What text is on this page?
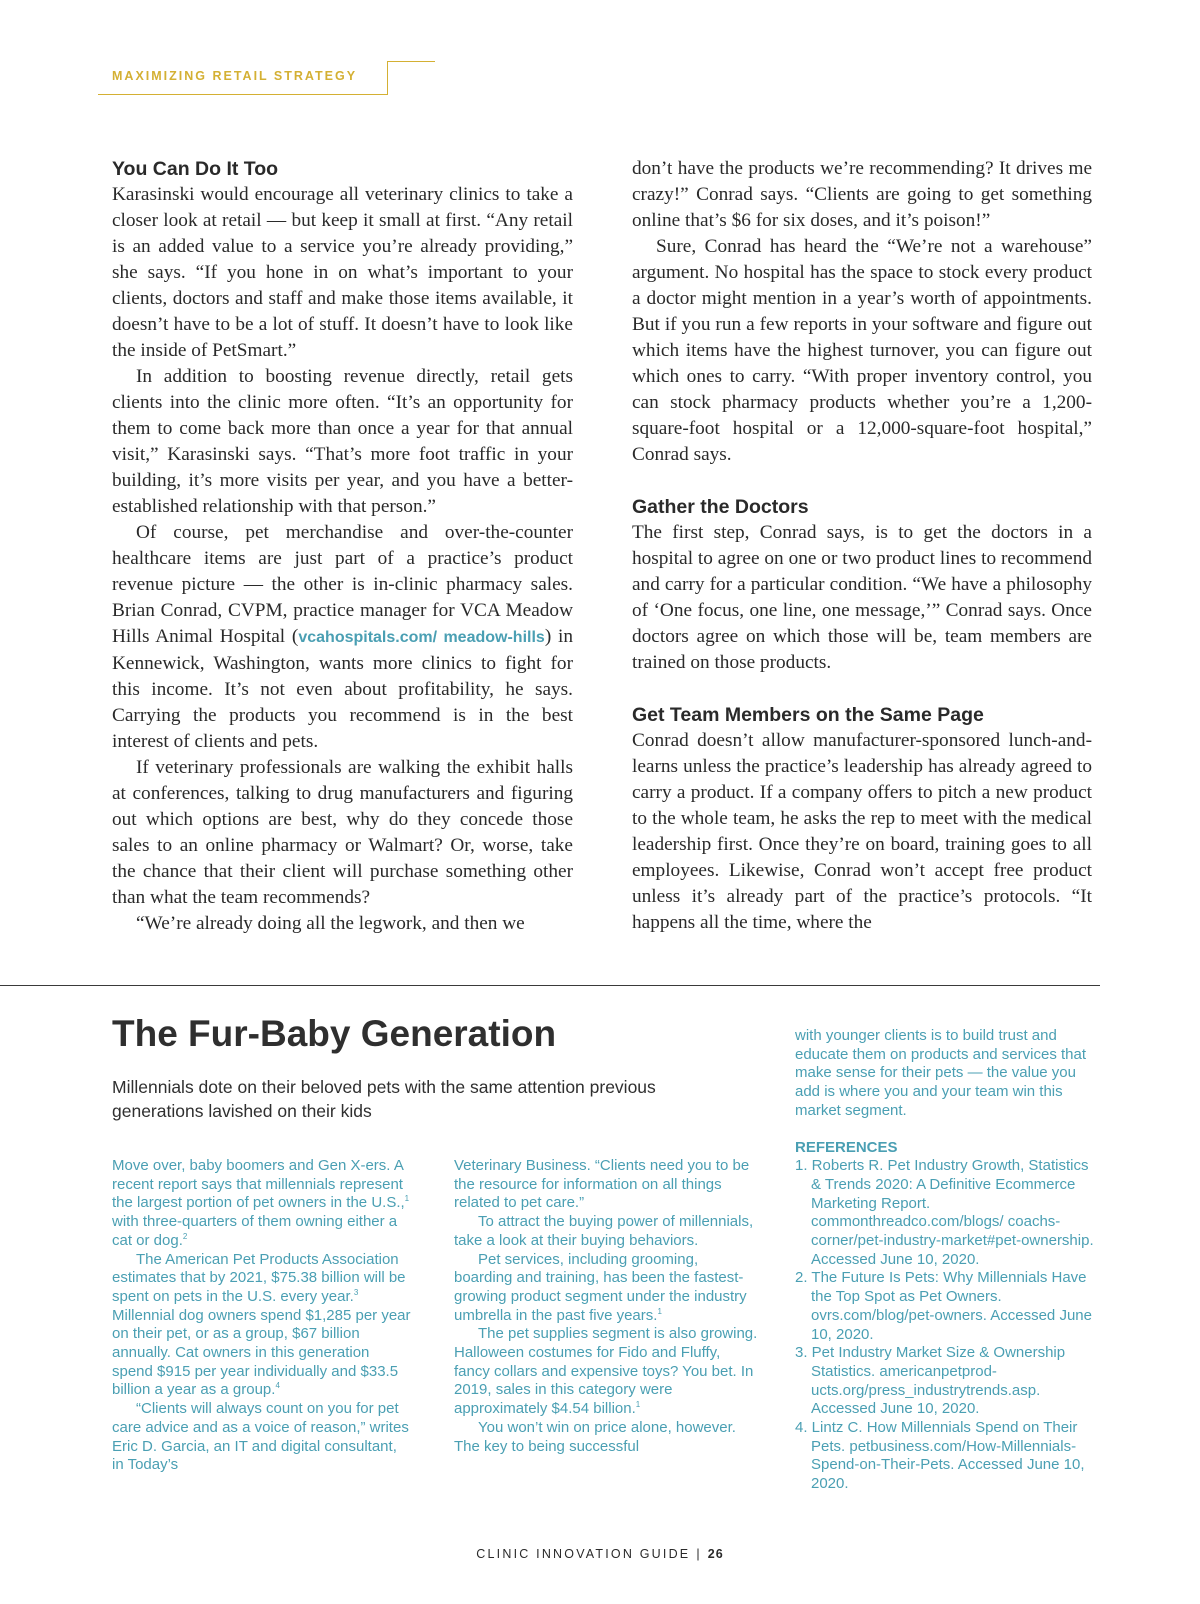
MAXIMIZING RETAIL STRATEGY
You Can Do It Too

Karasinski would encourage all veterinary clinics to take a closer look at retail — but keep it small at first. “Any retail is an added value to a service you’re already providing,” she says. “If you hone in on what’s important to your clients, doctors and staff and make those items available, it doesn’t have to be a lot of stuff. It doesn’t have to look like the inside of PetSmart.”

In addition to boosting revenue directly, retail gets clients into the clinic more often. “It’s an opportunity for them to come back more than once a year for that annual visit,” Karasinski says. “That’s more foot traffic in your building, it’s more visits per year, and you have a better-established relationship with that person.”

Of course, pet merchandise and over-the-counter healthcare items are just part of a practice’s product revenue picture — the other is in-clinic pharmacy sales. Brian Conrad, CVPM, practice manager for VCA Meadow Hills Animal Hospital (vcahospitals.com/ meadow-hills) in Kennewick, Washington, wants more clinics to fight for this income. It’s not even about profitability, he says. Carrying the products you recommend is in the best interest of clients and pets.

If veterinary professionals are walking the exhibit halls at conferences, talking to drug manufacturers and figuring out which options are best, why do they concede those sales to an online pharmacy or Walmart? Or, worse, take the chance that their client will purchase something other than what the team recommends?

“We’re already doing all the legwork, and then we

don’t have the products we’re recommending? It drives me crazy!” Conrad says. “Clients are going to get something online that’s $6 for six doses, and it’s poison!”

Sure, Conrad has heard the “We’re not a warehouse” argument. No hospital has the space to stock every product a doctor might mention in a year’s worth of appointments. But if you run a few reports in your software and figure out which items have the highest turnover, you can figure out which ones to carry. “With proper inventory control, you can stock pharmacy products whether you’re a 1,200-square-foot hospital or a 12,000-square-foot hospital,” Conrad says.

Gather the Doctors

The first step, Conrad says, is to get the doctors in a hospital to agree on one or two product lines to recommend and carry for a particular condition. “We have a philosophy of ‘One focus, one line, one message,’” Conrad says. Once doctors agree on which those will be, team members are trained on those products.

Get Team Members on the Same Page

Conrad doesn’t allow manufacturer-sponsored lunch-and-learns unless the practice’s leadership has already agreed to carry a product. If a company offers to pitch a new product to the whole team, he asks the rep to meet with the medical leadership first. Once they’re on board, training goes to all employees. Likewise, Conrad won’t accept free product unless it’s already part of the practice’s protocols. “It happens all the time, where the

The Fur-Baby Generation
Millennials dote on their beloved pets with the same attention previous generations lavished on their kids

Move over, baby boomers and Gen X-ers. A recent report says that millennials represent the largest portion of pet owners in the U.S.,$^1$ with three-quarters of them owning either a cat or dog.$^2$

The American Pet Products Association estimates that by 2021, $75.38 billion will be spent on pets in the U.S. every year.$^3$ Millennial dog owners spend $1,285 per year on their pet, or as a group, $67 billion annually. Cat owners in this generation spend $915 per year individually and $33.5 billion a year as a group.$^4$

“Clients will always count on you for pet care advice and as a voice of reason,” writes Eric D. Garcia, an IT and digital consultant, in Today’s

Veterinary Business. “Clients need you to be the resource for information on all things related to pet care.”

To attract the buying power of millennials, take a look at their buying behaviors.

Pet services, including grooming, boarding and training, has been the fastest-growing product segment under the industry umbrella in the past five years.$^1$

The pet supplies segment is also growing. Halloween costumes for Fido and Fluffy, fancy collars and expensive toys? You bet. In 2019, sales in this category were approximately $4.54 billion.$^1$

You won’t win on price alone, however. The key to being successful

with younger clients is to build trust and educate them on products and services that make sense for their pets — the value you add is where you and your team win this market segment.

REFERENCES
1. Roberts R. Pet Industry Growth, Statistics & Trends 2020: A Definitive Ecommerce Marketing Report. commonthreadco.com/blogs/ coachs-corner/pet-industry-market#pet-ownership. Accessed June 10, 2020.
2. The Future Is Pets: Why Millennials Have the Top Spot as Pet Owners. ovrs.com/blog/pet-owners. Accessed June 10, 2020.
3. Pet Industry Market Size & Ownership Statistics. americanpetproducts.org/press_industrytrends.asp. Accessed June 10, 2020.
4. Lintz C. How Millennials Spend on Their Pets. petbusiness.com/How-Millennials-Spend-on-Their-Pets. Accessed June 10, 2020.
CLINIC INNOVATION GUIDE | 26
